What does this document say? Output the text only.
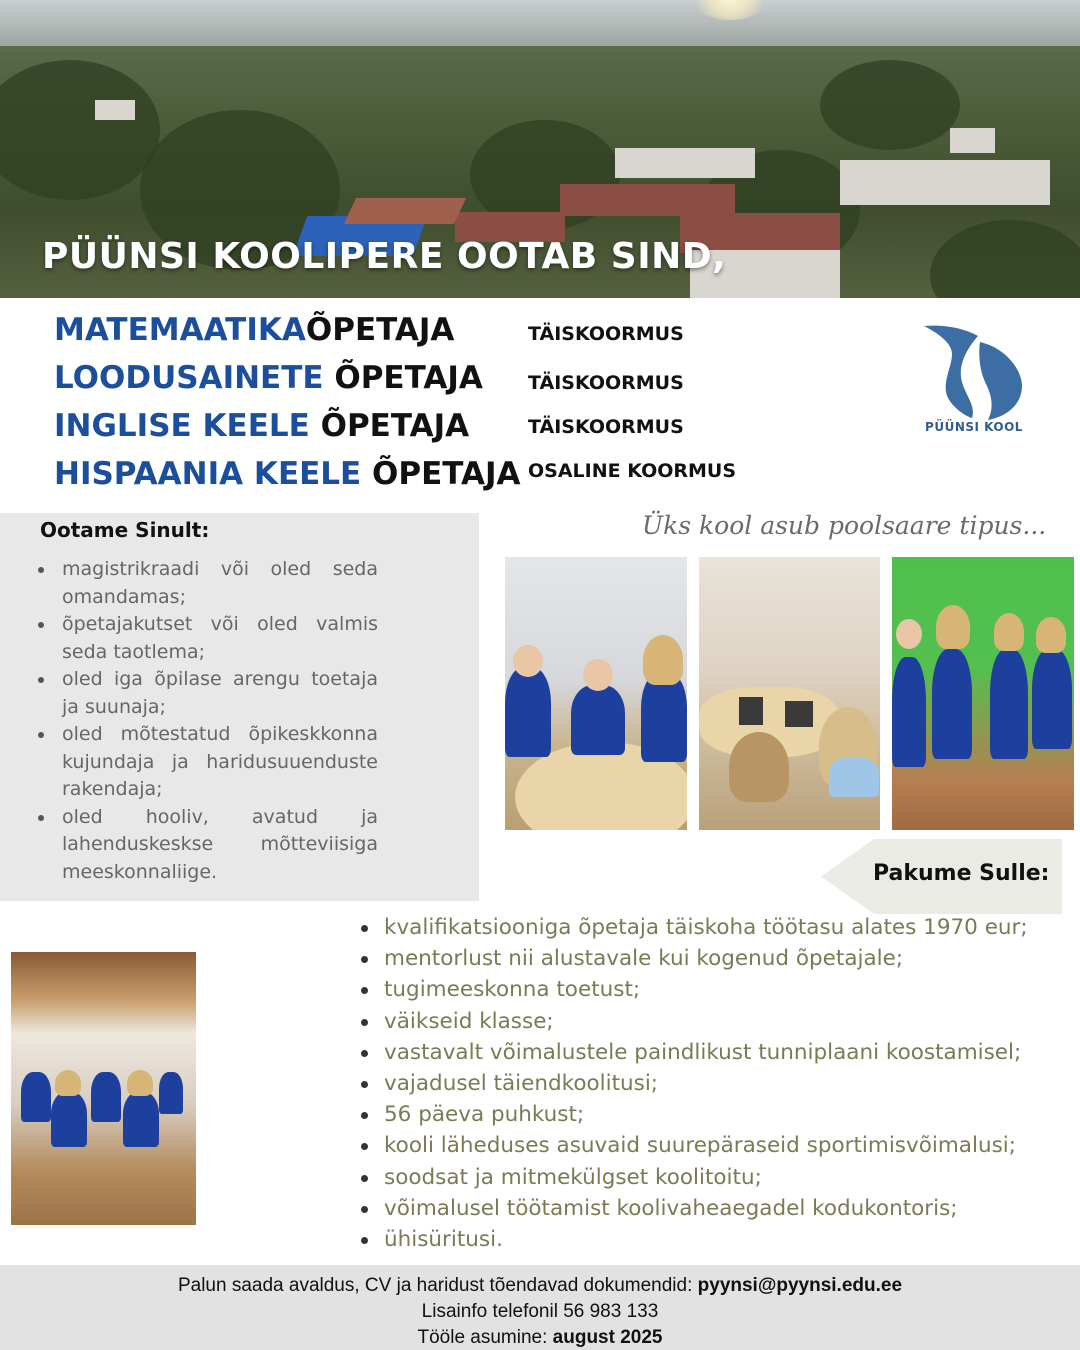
PÜÜNSI KOOLIPERE OOTAB SIND,
MATEMAATIKAÕPETAJA
LOODUSAINETE ÕPETAJA
INGLISE KEELE ÕPETAJA
HISPAANIA KEELE ÕPETAJA
TÄISKOORMUS
TÄISKOORMUS
TÄISKOORMUS
OSALINE KOORMUS
PÜÜNSI KOOL
Ootame Sinult:
magistrikraadi või oled seda omandamas;
õpetajakutset või oled valmis seda taotlema;
oled iga õpilase arengu toetaja ja suunaja;
oled mõtestatud õpikeskkonna kujundaja ja haridusuuenduste rakendaja;
oled hooliv, avatud ja lahenduskeskse mõtteviisiga meeskonnaliige.
Üks kool asub poolsaare tipus...
Pakume Sulle:
kvalifikatsiooniga õpetaja täiskoha töötasu alates 1970 eur;
mentorlust nii alustavale kui kogenud õpetajale;
tugimeeskonna toetust;
väikseid klasse;
vastavalt võimalustele paindlikust tunniplaani koostamisel;
vajadusel täiendkoolitusi;
56 päeva puhkust;
kooli läheduses asuvaid suurepäraseid sportimisvõimalusi;
soodsat ja mitmekülgset koolitoitu;
võimalusel töötamist koolivaheaegadel kodukontoris;
ühisüritusi.
Palun saada avaldus, CV ja haridust tõendavad dokumendid: pyynsi@pyynsi.edu.ee
Lisainfo telefonil 56 983 133
Tööle asumine: august 2025
